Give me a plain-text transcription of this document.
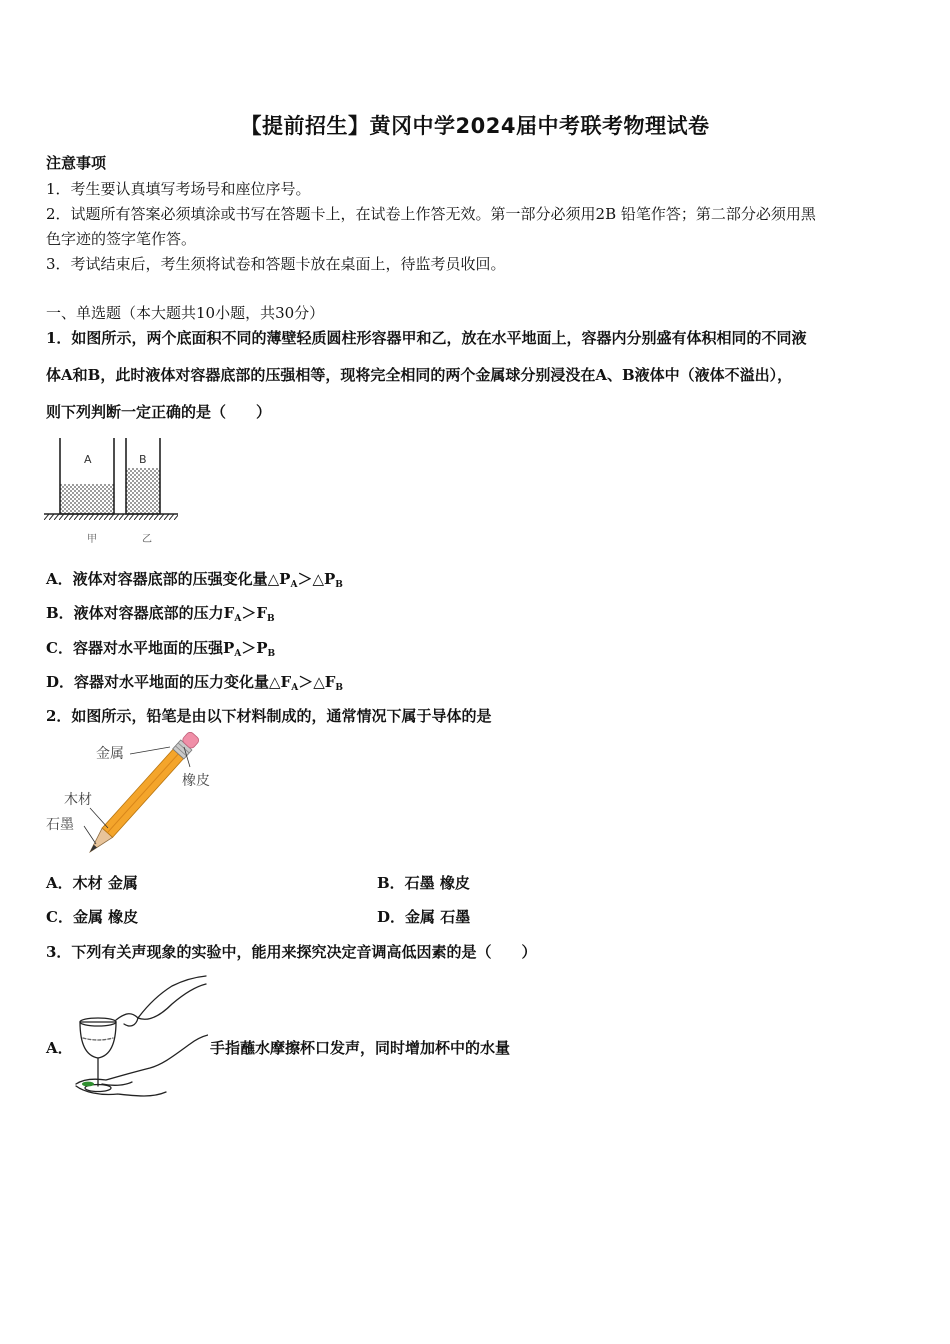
【提前招生】黄冈中学2024届中考联考物理试卷
注意事项
1．考生要认真填写考场号和座位序号。
2．试题所有答案必须填涂或书写在答题卡上，在试卷上作答无效。第一部分必须用2B 铅笔作答；第二部分必须用黑
色字迹的签字笔作答。
3．考试结束后，考生须将试卷和答题卡放在桌面上，待监考员收回。
一、单选题（本大题共10小题，共30分）
1．如图所示，两个底面积不同的薄壁轻质圆柱形容器甲和乙，放在水平地面上，容器内分别盛有体积相同的不同液
体A和B，此时液体对容器底部的压强相等，现将完全相同的两个金属球分别浸没在A、B液体中（液体不溢出），
则下列判断一定正确的是（　　）
A	B
甲	乙
A．液体对容器底部的压强变化量$\triangle P_A>\triangle P_B$
B．液体对容器底部的压力$F_A>F_B$
C．容器对水平地面的压强$P_A>P_B$
D．容器对水平地面的压力变化量$\triangle F_A>\triangle F_B$
2．如图所示，铅笔是由以下材料制成的，通常情况下属于导体的是
金属
橡皮
木材
石墨
A．木材 金属	B．石墨 橡皮
C．金属 橡皮	D．金属 石墨
3．下列有关声现象的实验中，能用来探究决定音调高低因素的是（　　）
A．	手指蘸水摩擦杯口发声，同时增加杯中的水量
